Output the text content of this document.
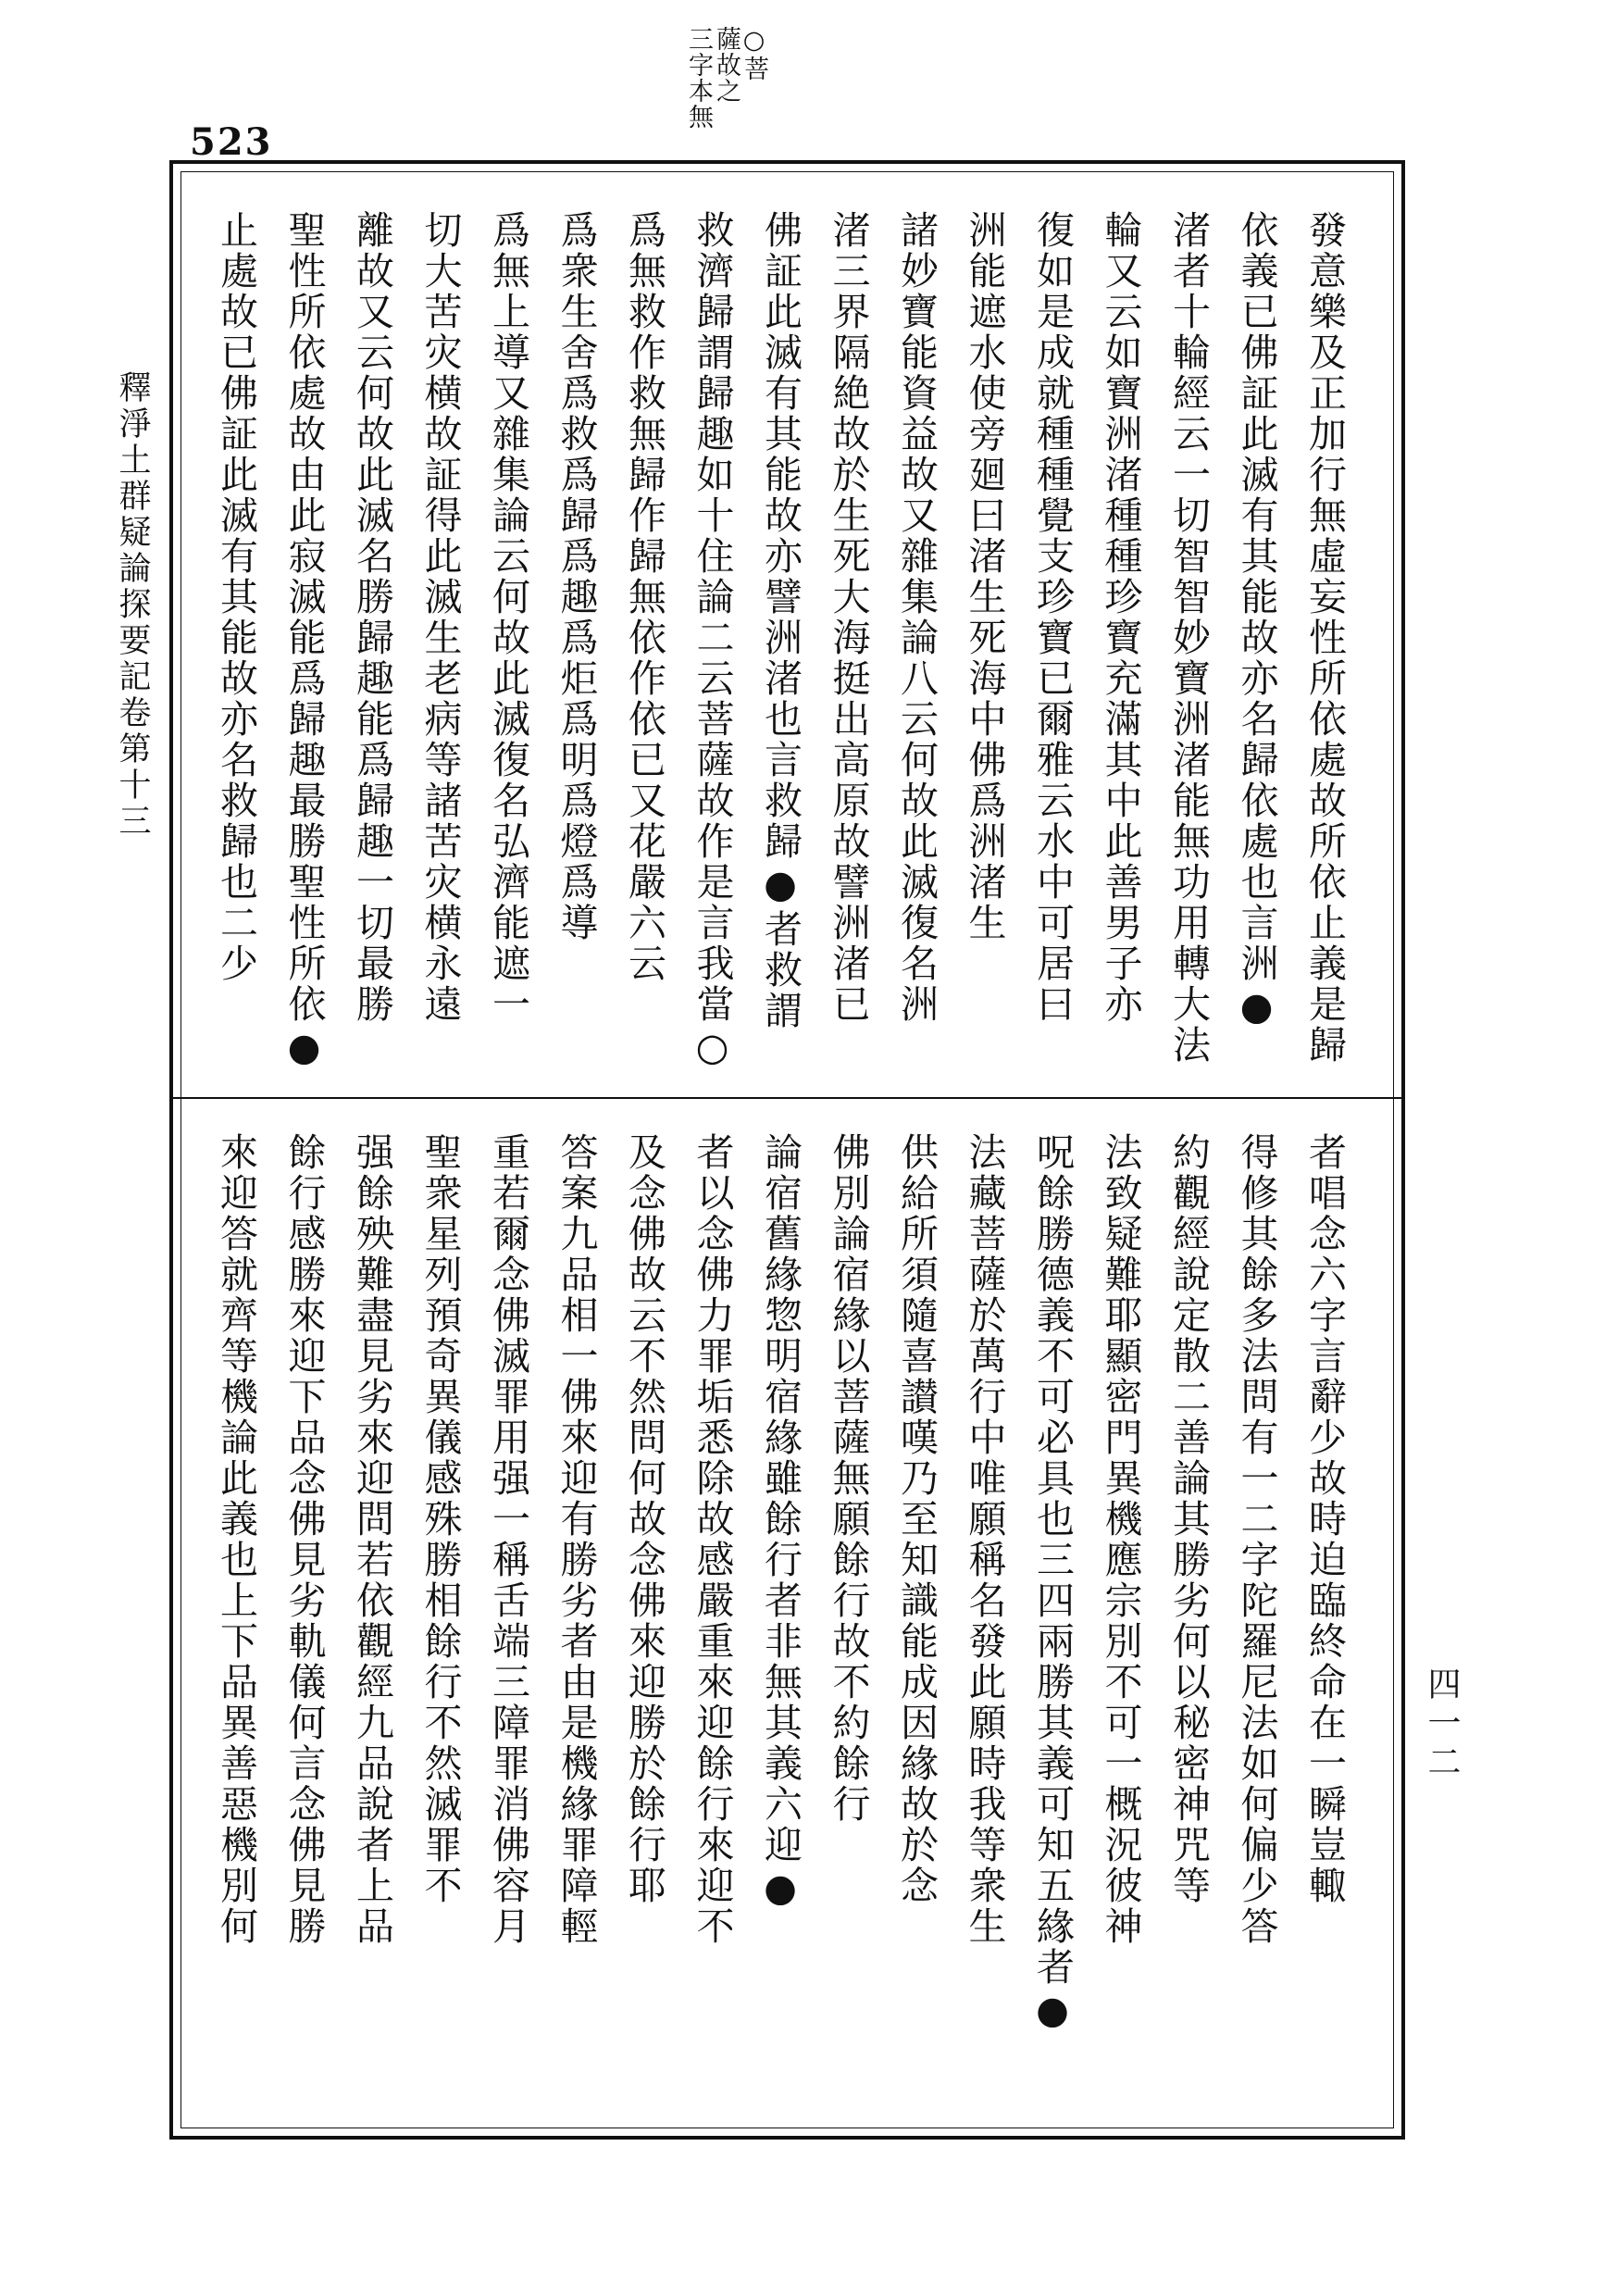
523
○菩
薩故之
三字本無
釋淨土群疑論探要記卷第十三	發意樂及正加行無虛妄性所依處故所依止義是歸
依義已佛証此滅有其能故亦名歸依處也言洲●
渚者十輪經云一切智智妙寶洲渚能無功用轉大法
輪又云如寶洲渚種種珍寶充滿其中此善男子亦
復如是成就種種覺支珍寶已爾雅云水中可居曰
洲能遮水使旁廻曰渚生死海中佛爲洲渚生
諸妙寶能資益故又雜集論八云何故此滅復名洲
渚三界隔絶故於生死大海挺出高原故譬洲渚已
佛証此滅有其能故亦譬洲渚也言救歸●者救謂
救濟歸謂歸趣如十住論二云菩薩故作是言我當○
爲無救作救無歸作歸無依作依已又花嚴六云
爲衆生舍爲救爲歸爲趣爲炬爲明爲燈爲導
爲無上導又雜集論云何故此滅復名弘濟能遮一
切大苦灾横故証得此滅生老病等諸苦灾横永遠
離故又云何故此滅名勝歸趣能爲歸趣一切最勝
聖性所依處故由此寂滅能爲歸趣最勝聖性所依●
止處故已佛証此滅有其能故亦名救歸也二少
者唱念六字言辭少故時迫臨終命在一瞬豈輙
得修其餘多法問有一二字陀羅尼法如何偏少答
約觀經說定散二善論其勝劣何以秘密神咒等
法致疑難耶顯密門異機應宗別不可一概況彼神
呪餘勝德義不可必具也三四兩勝其義可知五緣者●
法藏菩薩於萬行中唯願稱名發此願時我等衆生
供給所須隨喜讃嘆乃至知識能成因緣故於念
佛別論宿緣以菩薩無願餘行故不約餘行
論宿舊緣惣明宿緣雖餘行者非無其義六迎●
者以念佛力罪垢悉除故感嚴重來迎餘行來迎不
及念佛故云不然問何故念佛來迎勝於餘行耶
答案九品相一佛來迎有勝劣者由是機緣罪障輕
重若爾念佛滅罪用强一稱舌端三障罪消佛容月
聖衆星列預奇異儀感殊勝相餘行不然滅罪不
强餘殃難盡見劣來迎問若依觀經九品說者上品
餘行感勝來迎下品念佛見劣軌儀何言念佛見勝
來迎答就齊等機論此義也上下品異善惡機別何	四一二
